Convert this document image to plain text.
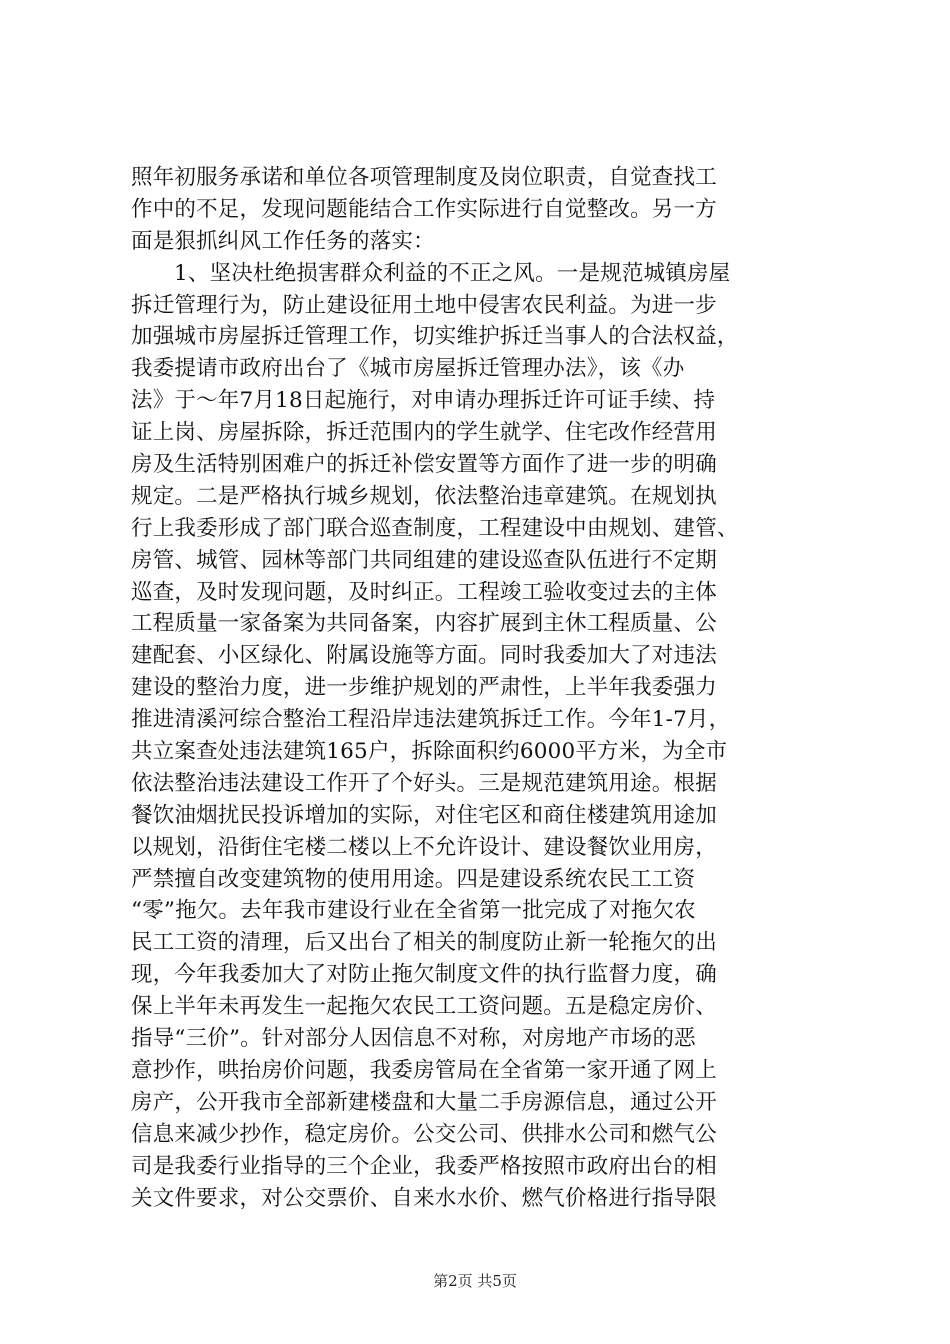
照年初服务承诺和单位各项管理制度及岗位职责，自觉查找工
作中的不足，发现问题能结合工作实际进行自觉整改。另一方
面是狠抓纠风工作任务的落实：
1、坚决杜绝损害群众利益的不正之风。一是规范城镇房屋
拆迁管理行为，防止建设征用土地中侵害农民利益。为进一步
加强城市房屋拆迁管理工作，切实维护拆迁当事人的合法权益，
我委提请市政府出台了《城市房屋拆迁管理办法》，该《办
法》于～年7月18日起施行，对申请办理拆迁许可证手续、持
证上岗、房屋拆除，拆迁范围内的学生就学、住宅改作经营用
房及生活特别困难户的拆迁补偿安置等方面作了进一步的明确
规定。二是严格执行城乡规划，依法整治违章建筑。在规划执
行上我委形成了部门联合巡查制度，工程建设中由规划、建管、
房管、城管、园林等部门共同组建的建设巡查队伍进行不定期
巡查，及时发现问题，及时纠正。工程竣工验收变过去的主体
工程质量一家备案为共同备案，内容扩展到主休工程质量、公
建配套、小区绿化、附属设施等方面。同时我委加大了对违法
建设的整治力度，进一步维护规划的严肃性，上半年我委强力
推进清溪河综合整治工程沿岸违法建筑拆迁工作。今年1-7月，
共立案查处违法建筑165户，拆除面积约6000平方米，为全市
依法整治违法建设工作开了个好头。三是规范建筑用途。根据
餐饮油烟扰民投诉增加的实际，对住宅区和商住楼建筑用途加
以规划，沿街住宅楼二楼以上不允许设计、建设餐饮业用房，
严禁擅自改变建筑物的使用用途。四是建设系统农民工工资
“零”拖欠。去年我市建设行业在全省第一批完成了对拖欠农
民工工资的清理，后又出台了相关的制度防止新一轮拖欠的出
现，今年我委加大了对防止拖欠制度文件的执行监督力度，确
保上半年未再发生一起拖欠农民工工资问题。五是稳定房价、
指导“三价”。针对部分人因信息不对称，对房地产市场的恶
意抄作，哄抬房价问题，我委房管局在全省第一家开通了网上
房产，公开我市全部新建楼盘和大量二手房源信息，通过公开
信息来减少抄作，稳定房价。公交公司、供排水公司和燃气公
司是我委行业指导的三个企业，我委严格按照市政府出台的相
关文件要求，对公交票价、自来水水价、燃气价格进行指导限
第2页 共5页
